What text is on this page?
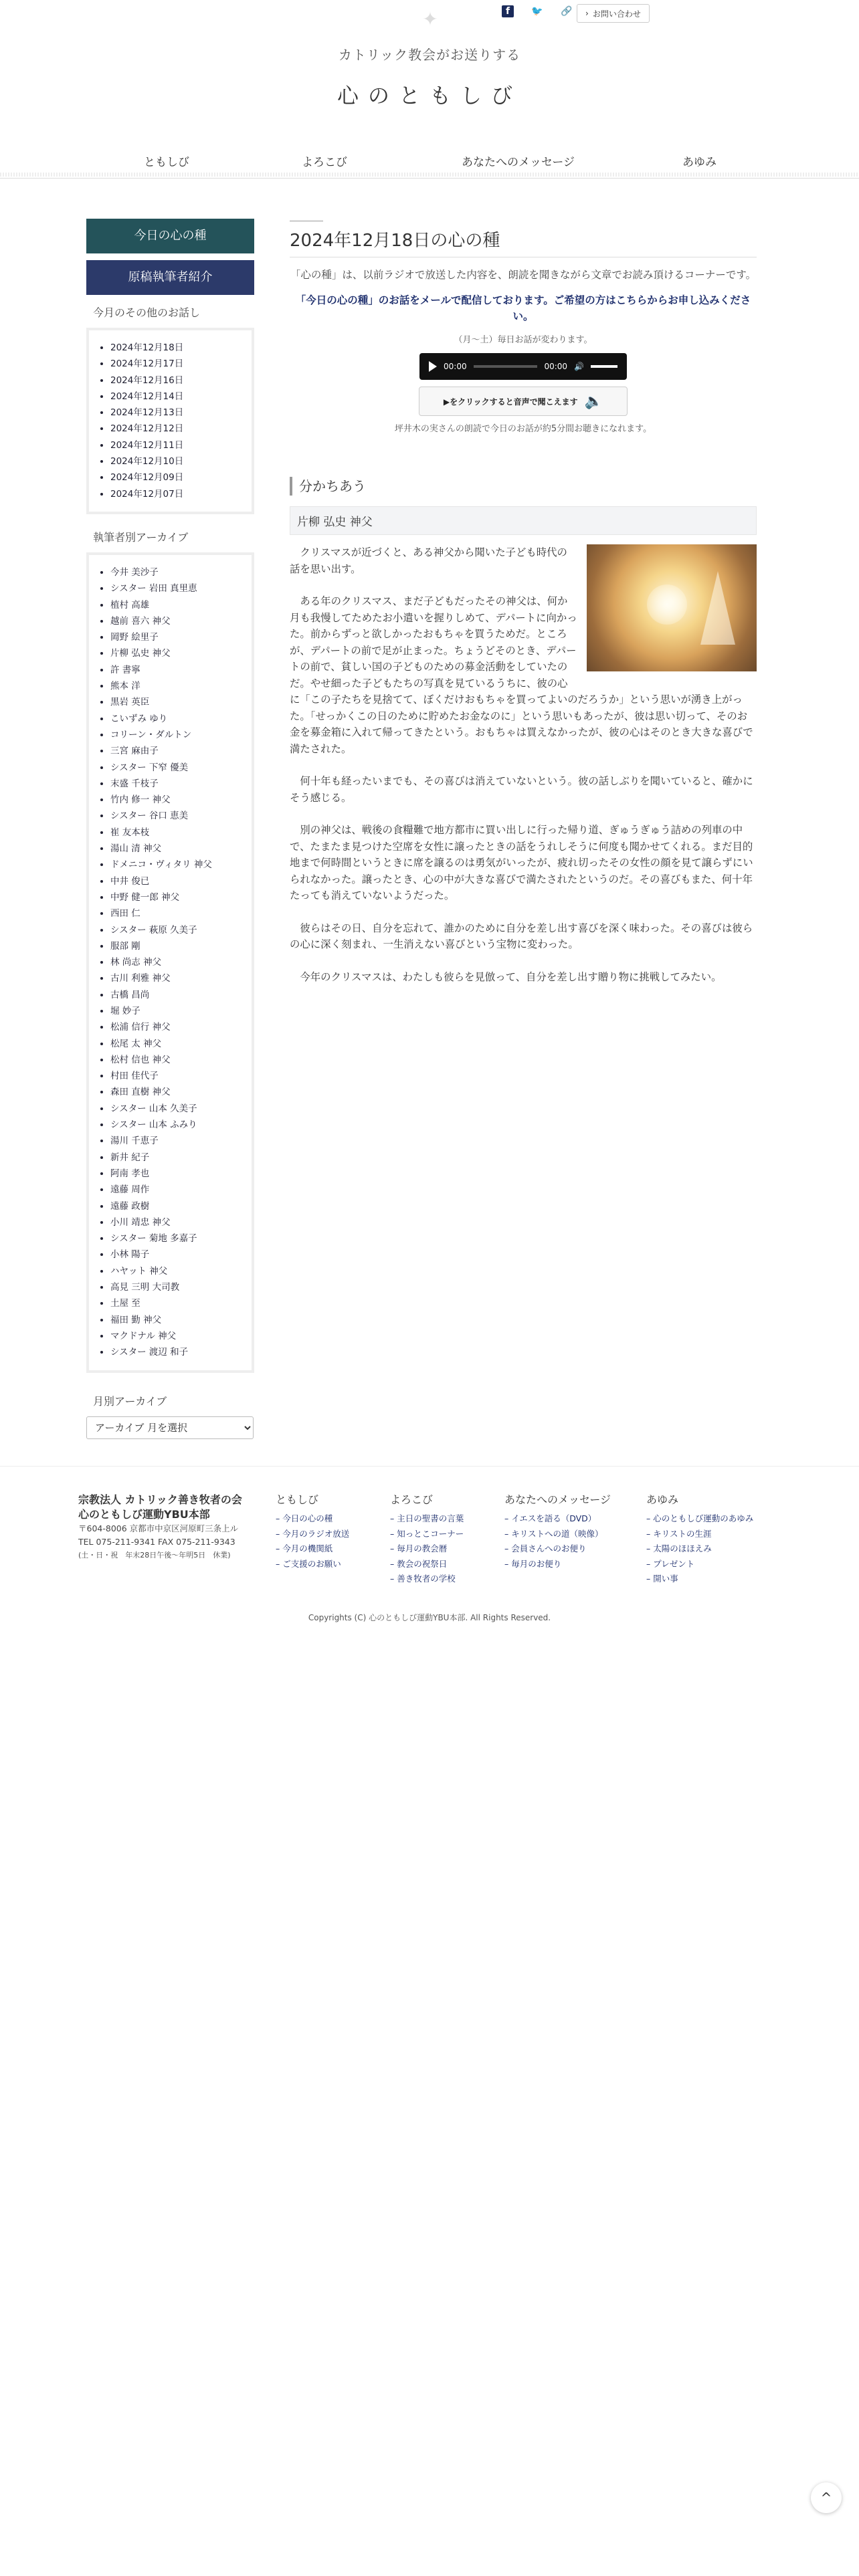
✦	f	🐦 🔗 › お問い合わせ
カトリック教会がお送りする
心のともしび
ともしび	よろこび	あなたへのメッセージ	あゆみ
今日の心の種
原稿執筆者紹介
今月のその他のお話し
• 2024年12月18日
• 2024年12月17日
• 2024年12月16日
• 2024年12月14日
• 2024年12月13日
• 2024年12月12日
• 2024年12月11日
• 2024年12月10日
• 2024年12月09日
• 2024年12月07日
執筆者別アーカイブ
• 今井 美沙子
• シスター 岩田 真里恵
• 植村 高雄
• 越前 喜六 神父
• 岡野 絵里子
• 片柳 弘史 神父
• 許 書寧
• 熊本 洋
• 黒岩 英臣
• こいずみ ゆり
• コリーン・ダルトン
• 三宮 麻由子
• シスター 下窄 優美
• 末盛 千枝子
• 竹内 修一 神父
• シスター 谷口 恵美
• 崔 友本枝
• 湯山 清 神父
• ドメニコ・ヴィタリ 神父
• 中井 俊已
• 中野 健一郎 神父
• 西田 仁
• シスター 萩原 久美子
• 服部 剛
• 林 尚志 神父
• 古川 利雅 神父
• 古橋 昌尚
• 堀 妙子
• 松浦 信行 神父
• 松尾 太 神父
• 松村 信也 神父
• 村田 佳代子
• 森田 直樹 神父
• シスター 山本 久美子
• シスター 山本 ふみり
• 湯川 千恵子
• 新井 紀子
• 阿南 孝也
• 遠藤 周作
• 遠藤 政樹
• 小川 靖忠 神父
• シスター 菊地 多嘉子
• 小林 陽子
• ハヤット 神父
• 高見 三明 大司教
• 土屋 至
• 福田 勤 神父
• マクドナル 神父
• シスター 渡辺 和子
月別アーカイブ
アーカイブ 月を選択
2024年12月18日の心の種

「心の種」は、以前ラジオで放送した内容を、朗読を聞きながら文章でお読み頂けるコーナーです。

「今日の心の種」のお話をメールで配信しております。ご希望の方はこちらからお申し込みください。

（月〜土）毎日お話が変わります。

00:00	00:00 🔊
▶をクリックすると音声で聞こえます 🔈

坪井木の実さんの朗読で今日のお話が約5分間お聴きになれます。

分かちあう
片柳 弘史 神父

クリスマスが近づくと、ある神父から聞いた子ども時代の話を思い出す。

ある年のクリスマス、まだ子どもだったその神父は、何か月も我慢してためたお小遣いを握りしめて、デパートに向かった。前からずっと欲しかったおもちゃを買うためだ。ところが、デパートの前で足が止まった。ちょうどそのとき、デパートの前で、貧しい国の子どものための募金活動をしていたのだ。やせ細った子どもたちの写真を見ているうちに、彼の心に「この子たちを見捨てて、ぼくだけおもちゃを買ってよいのだろうか」という思いが湧き上がった。「せっかくこの日のために貯めたお金なのに」という思いもあったが、彼は思い切って、そのお金を募金箱に入れて帰ってきたという。おもちゃは買えなかったが、彼の心はそのとき大きな喜びで満たされた。

何十年も経ったいまでも、その喜びは消えていないという。彼の話しぶりを聞いていると、確かにそう感じる。

別の神父は、戦後の食糧難で地方都市に買い出しに行った帰り道、ぎゅうぎゅう詰めの列車の中で、たまたま見つけた空席を女性に譲ったときの話をうれしそうに何度も聞かせてくれる。まだ目的地まで何時間というときに席を譲るのは勇気がいったが、疲れ切ったその女性の顔を見て譲らずにいられなかった。譲ったとき、心の中が大きな喜びで満たされたというのだ。その喜びもまた、何十年たっても消えていないようだった。

彼らはその日、自分を忘れて、誰かのために自分を差し出す喜びを深く味わった。その喜びは彼らの心に深く刻まれ、一生消えない喜びという宝物に変わった。

今年のクリスマスは、わたしも彼らを見倣って、自分を差し出す贈り物に挑戦してみたい。

宗教法人 カトリック善き牧者の会
心のともしび運動YBU本部
〒604-8006 京都市中京区河原町三条上ル
TEL 075-211-9341 FAX 075-211-9343
(土・日・祝　年末28日午後〜年明5日　休業)
ともしび
– 今日の心の種
– 今月のラジオ放送
– 今月の機関紙
– ご支援のお願い
よろこび
– 主日の聖書の言葉
– 知っとこコーナー
– 毎月の教会暦
– 教会の祝祭日
– 善き牧者の学校
あなたへのメッセージ
– イエスを語る（DVD）
– キリストへの道（映像）
– 会員さんへのお便り
– 毎月のお便り
あゆみ
– 心のともしび運動のあゆみ
– キリストの生涯
– 太陽のほほえみ
– プレゼント
– 開い事
Copyrights (C) 心のともしび運動YBU本部. All Rights Reserved.
^
